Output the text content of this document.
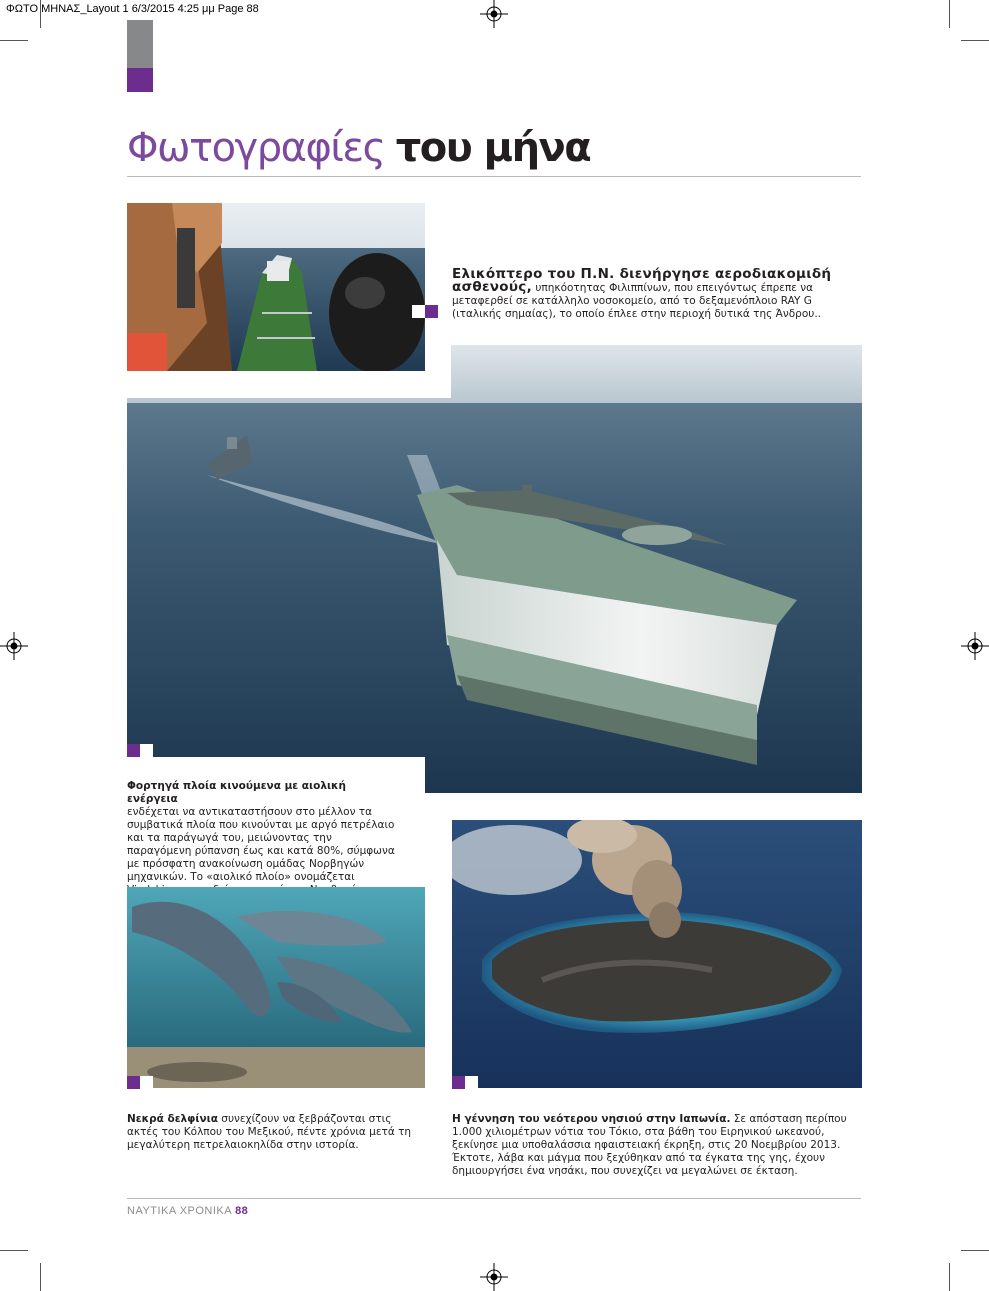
ΦΩΤΟ ΜΗΝΑΣ_Layout 1 6/3/2015 4:25 μμ Page 88
Φωτογραφίες του μήνα
Ελικόπτερο του Π.Ν. διενήργησε αεροδιακομιδή
ασθενούς, υπηκόοτητας Φιλιππίνων, που επειγόντως έπρεπε να μεταφερθεί σε κατάλληλο νοσοκομείο, από το δεξαμενόπλοιο RAY G (ιταλικής σημαίας), το οποίο έπλεε στην περιοχή δυτικά της Άνδρου..
Φορτηγά πλοία κινούμενα με αιολική ενέργεια
ενδέχεται να αντικαταστήσουν στο μέλλον τα συμβατικά πλοία που κινούνται με αργό πετρέλαιο και τα παράγωγά του, μειώνοντας την παραγόμενη ρύπανση έως και κατά 80%, σύμφωνα με πρόσφατη ανακοίνωση ομάδας Νορβηγών μηχανικών. Το «αιολικό πλοίο» ονομάζεται
Νεκρά δελφίνια συνεχίζουν να ξεβράζονται στις ακτές του Κόλπου του Μεξικού, πέντε χρόνια μετά τη μεγαλύτερη πετρελαιοκηλίδα στην ιστορία.
Η γέννηση του νεότερου νησιού στην Ιαπωνία. Σε απόσταση περίπου 1.000 χιλιομέτρων νότια του Τόκιο, στα βάθη του Ειρηνικού ωκεανού, ξεκίνησε μια υποθαλάσσια ηφαιστειακή έκρηξη, στις 20 Νοεμβρίου 2013. Έκτοτε, λάβα και μάγμα που ξεχύθηκαν από τα έγκατα της γης, έχουν δημιουργήσει ένα νησάκι, που συνεχίζει να μεγαλώνει σε έκταση.
ΝΑΥΤΙΚΑ ΧΡΟΝΙΚΑ 88
